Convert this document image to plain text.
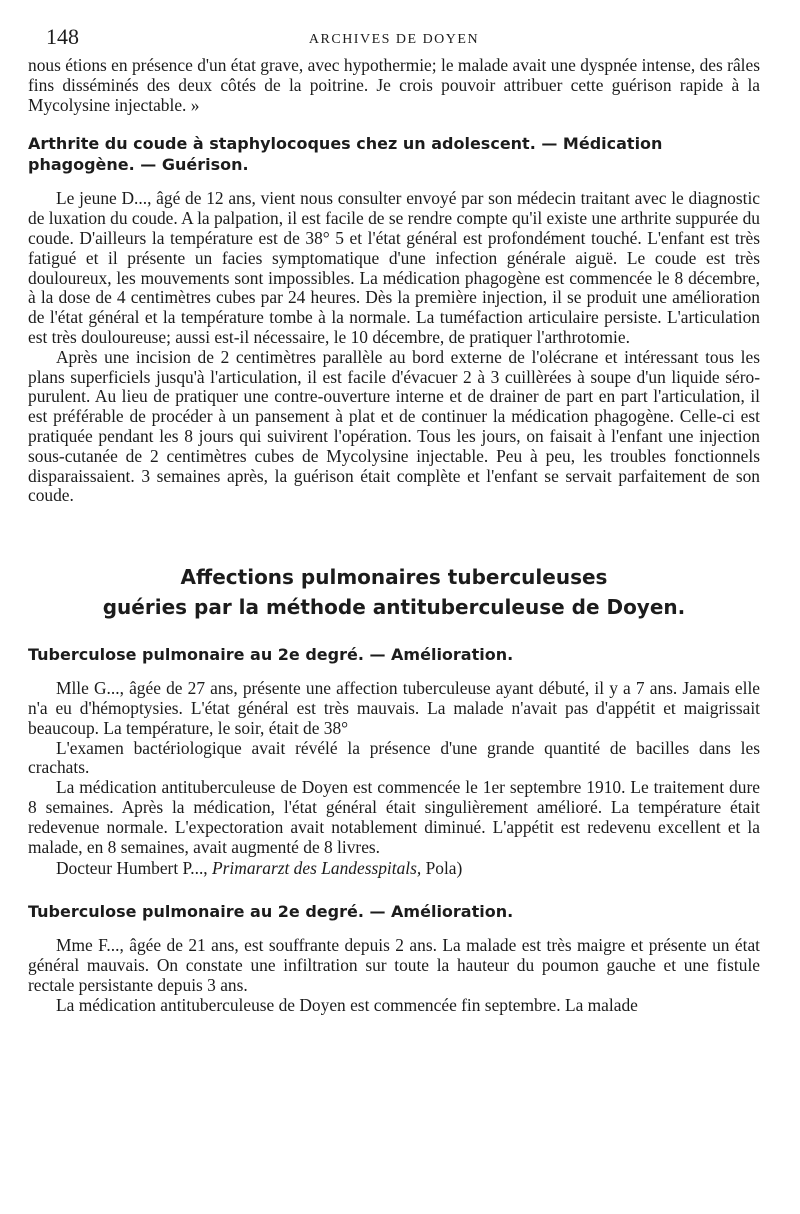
148	ARCHIVES DE DOYEN

nous étions en présence d'un état grave, avec hypothermie; le malade avait une dyspnée intense, des râles fins disséminés des deux côtés de la poitrine. Je crois pouvoir attribuer cette guérison rapide à la Mycolysine injectable. »

Arthrite du coude à staphylocoques chez un adolescent. — Médication phagogène. — Guérison.

Le jeune D..., âgé de 12 ans, vient nous consulter envoyé par son médecin traitant avec le diagnostic de luxation du coude. A la palpation, il est facile de se rendre compte qu'il existe une arthrite suppurée du coude. D'ailleurs la température est de 38° 5 et l'état général est profondément touché. L'enfant est très fatigué et il présente un facies symptomatique d'une infection générale aiguë. Le coude est très douloureux, les mouvements sont impossibles. La médication phagogène est commencée le 8 décembre, à la dose de 4 centimètres cubes par 24 heures. Dès la première injection, il se produit une amélioration de l'état général et la température tombe à la normale. La tuméfaction articulaire persiste. L'articulation est très douloureuse; aussi est-il nécessaire, le 10 décembre, de pratiquer l'arthrotomie.

Après une incision de 2 centimètres parallèle au bord externe de l'olécrane et intéressant tous les plans superficiels jusqu'à l'articulation, il est facile d'évacuer 2 à 3 cuillèrées à soupe d'un liquide séro-purulent. Au lieu de pratiquer une contre-ouverture interne et de drainer de part en part l'articulation, il est préférable de procéder à un pansement à plat et de continuer la médication phagogène. Celle-ci est pratiquée pendant les 8 jours qui suivirent l'opération. Tous les jours, on faisait à l'enfant une injection sous-cutanée de 2 centimètres cubes de Mycolysine injectable. Peu à peu, les troubles fonctionnels disparaissaient. 3 semaines après, la guérison était complète et l'enfant se servait parfaitement de son coude.

Affections pulmonaires tuberculeuses
guéries par la méthode antituberculeuse de Doyen.
Tuberculose pulmonaire au 2e degré. — Amélioration.

Mlle G..., âgée de 27 ans, présente une affection tuberculeuse ayant débuté, il y a 7 ans. Jamais elle n'a eu d'hémoptysies. L'état général est très mauvais. La malade n'avait pas d'appétit et maigrissait beaucoup. La température, le soir, était de 38°

L'examen bactériologique avait révélé la présence d'une grande quantité de bacilles dans les crachats.

La médication antituberculeuse de Doyen est commencée le 1er septembre 1910. Le traitement dure 8 semaines. Après la médication, l'état général était singulièrement amélioré. La température était redevenue normale. L'expectoration avait notablement diminué. L'appétit est redevenu excellent et la malade, en 8 semaines, avait augmenté de 8 livres.

Docteur Humbert P..., Primararzt des Landesspitals, Pola)

Tuberculose pulmonaire au 2e degré. — Amélioration.

Mme F..., âgée de 21 ans, est souffrante depuis 2 ans. La malade est très maigre et présente un état général mauvais. On constate une infiltration sur toute la hauteur du poumon gauche et une fistule rectale persistante depuis 3 ans.

La médication antituberculeuse de Doyen est commencée fin septembre. La malade
